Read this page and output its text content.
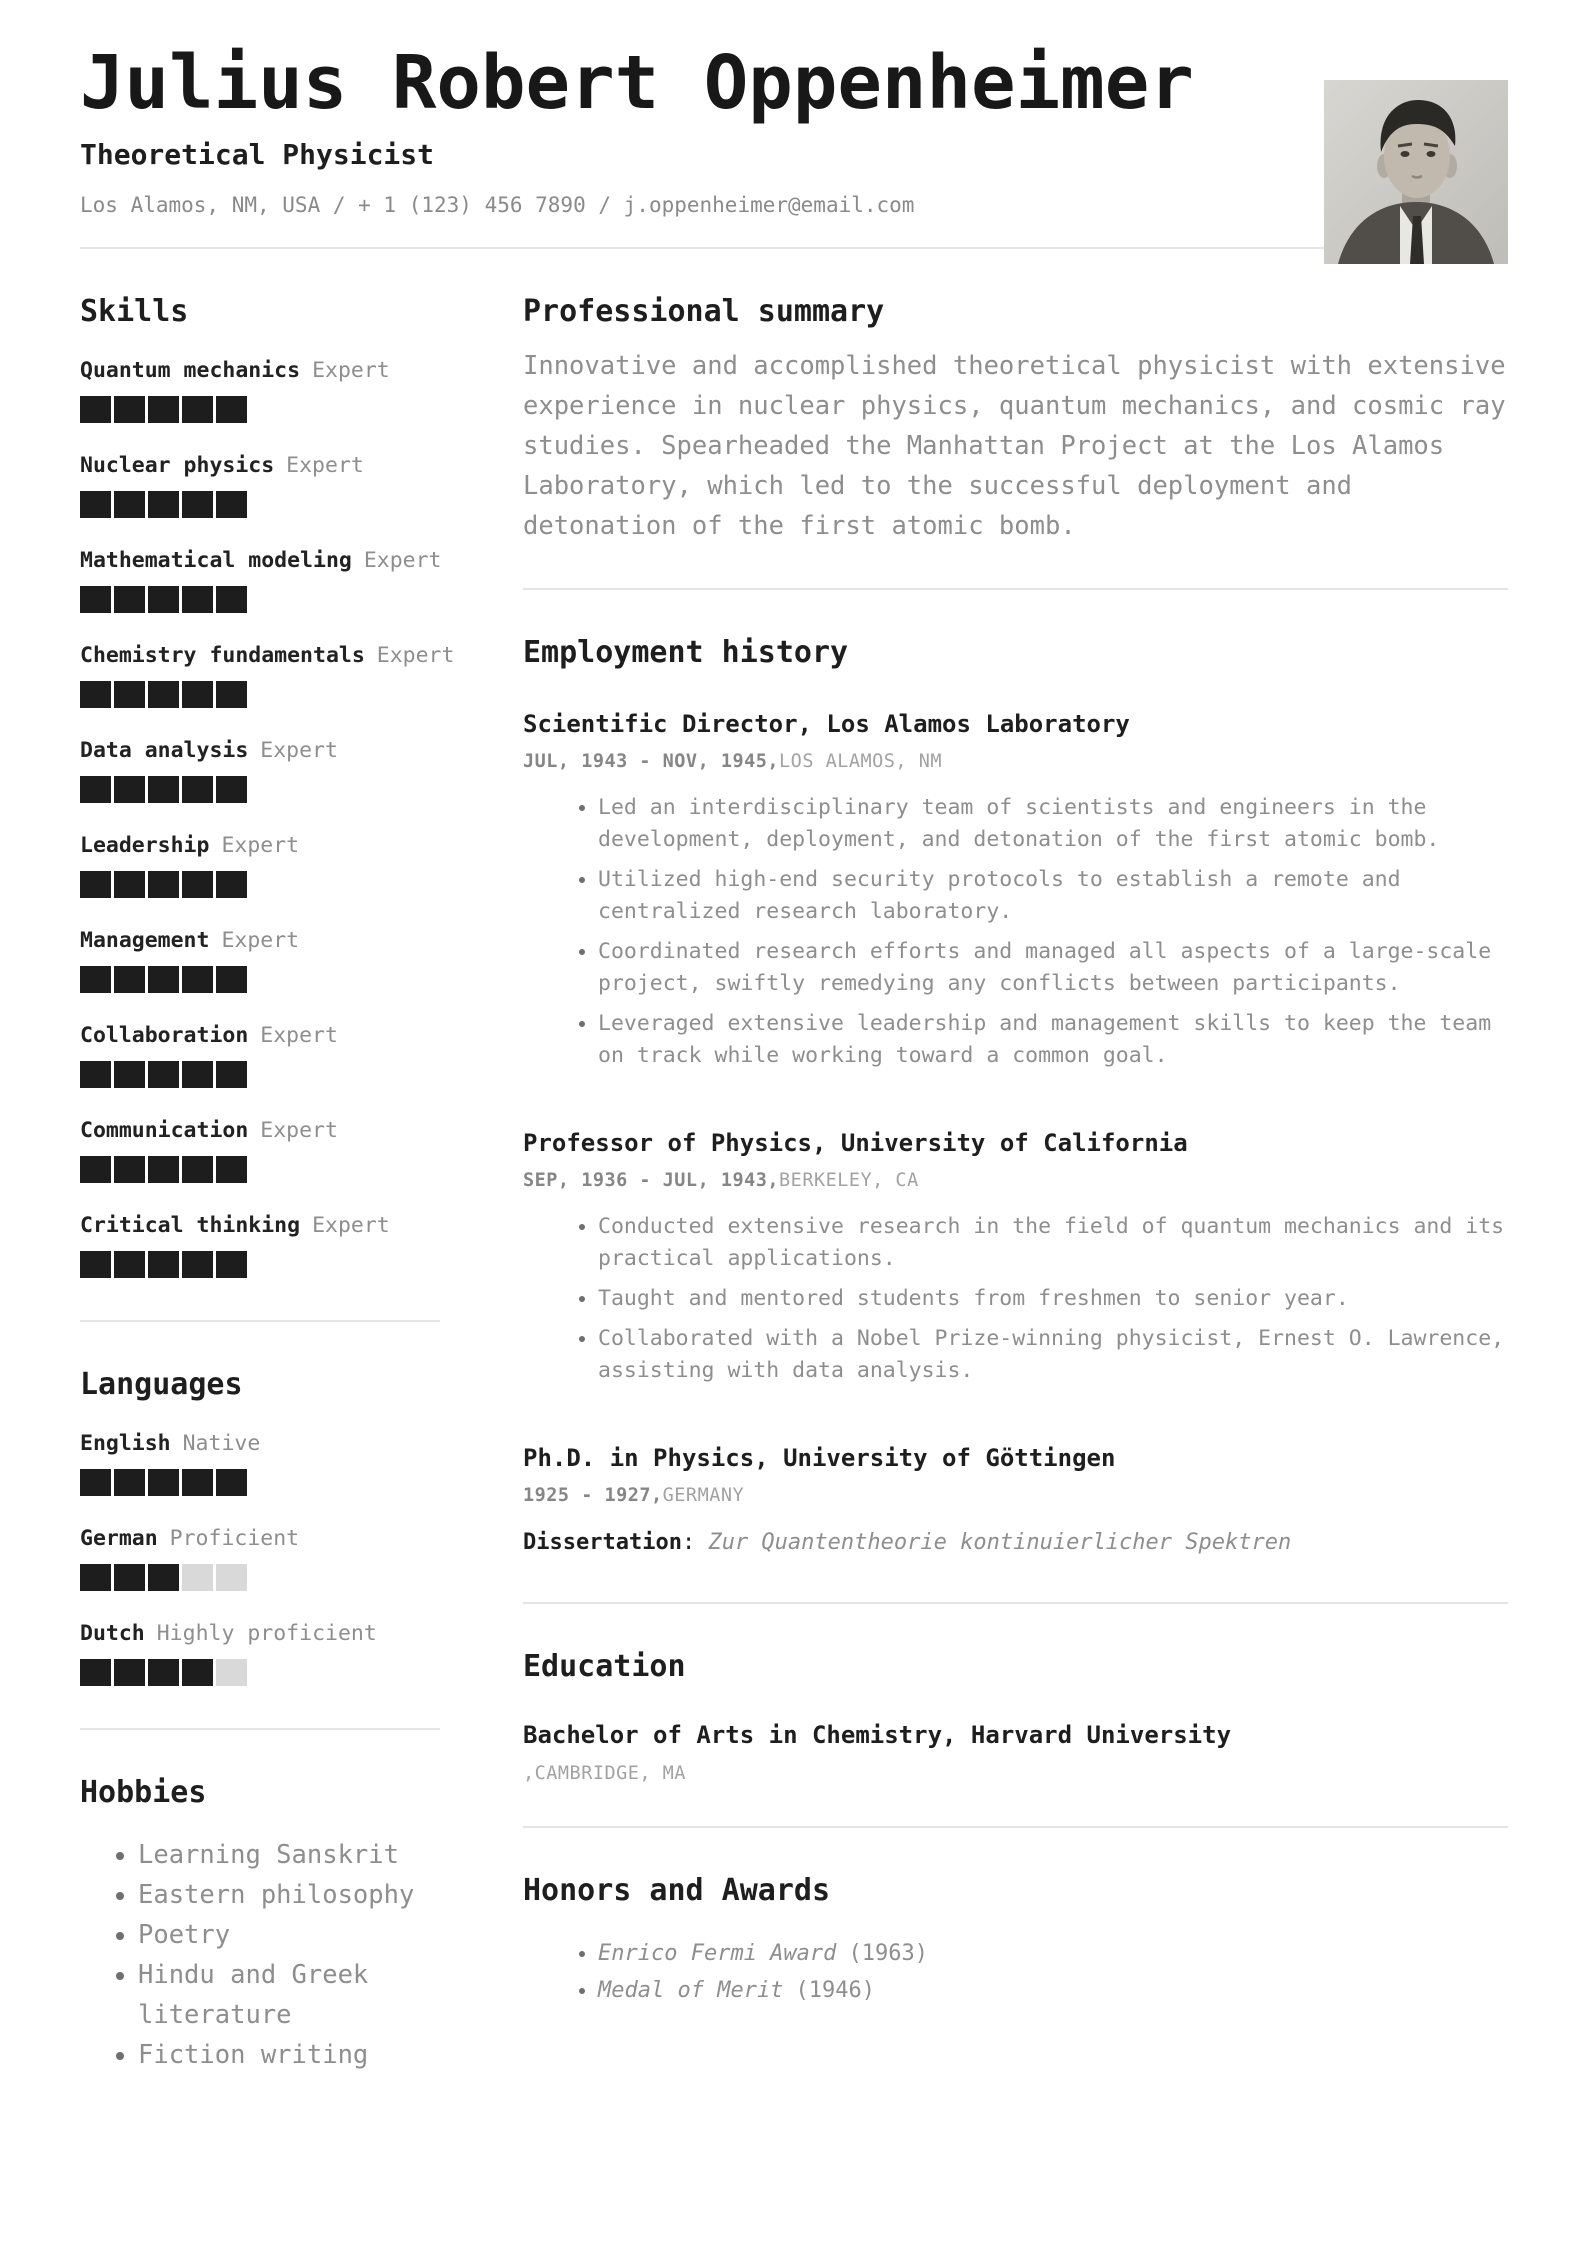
Julius Robert Oppenheimer
Theoretical Physicist
Los Alamos, NM, USA / + 1 (123) 456 7890 / j.oppenheimer@email.com
Skills
Quantum mechanics Expert
Nuclear physics Expert
Mathematical modeling Expert
Chemistry fundamentals Expert
Data analysis Expert
Leadership Expert
Management Expert
Collaboration Expert
Communication Expert
Critical thinking Expert
Languages
English Native
German Proficient
Dutch Highly proficient
Hobbies
• Learning Sanskrit
• Eastern philosophy
• Poetry
• Hindu and Greek literature
• Fiction writing
Professional summary
Innovative and accomplished theoretical physicist with extensive experience in nuclear physics, quantum mechanics, and cosmic ray studies. Spearheaded the Manhattan Project at the Los Alamos Laboratory, which led to the successful deployment and detonation of the first atomic bomb.
Employment history
Scientific Director, Los Alamos Laboratory
JUL, 1943 - NOV, 1945,LOS ALAMOS, NM
• Led an interdisciplinary team of scientists and engineers in the development, deployment, and detonation of the first atomic bomb.
• Utilized high-end security protocols to establish a remote and centralized research laboratory.
• Coordinated research efforts and managed all aspects of a large-scale project, swiftly remedying any conflicts between participants.
• Leveraged extensive leadership and management skills to keep the team on track while working toward a common goal.
Professor of Physics, University of California
SEP, 1936 - JUL, 1943,BERKELEY, CA
• Conducted extensive research in the field of quantum mechanics and its practical applications.
• Taught and mentored students from freshmen to senior year.
• Collaborated with a Nobel Prize-winning physicist, Ernest O. Lawrence, assisting with data analysis.
Ph.D. in Physics, University of Göttingen
1925 - 1927,GERMANY
Dissertation: Zur Quantentheorie kontinuierlicher Spektren
Education
Bachelor of Arts in Chemistry, Harvard University
,CAMBRIDGE, MA
Honors and Awards
• Enrico Fermi Award (1963)
• Medal of Merit (1946)
